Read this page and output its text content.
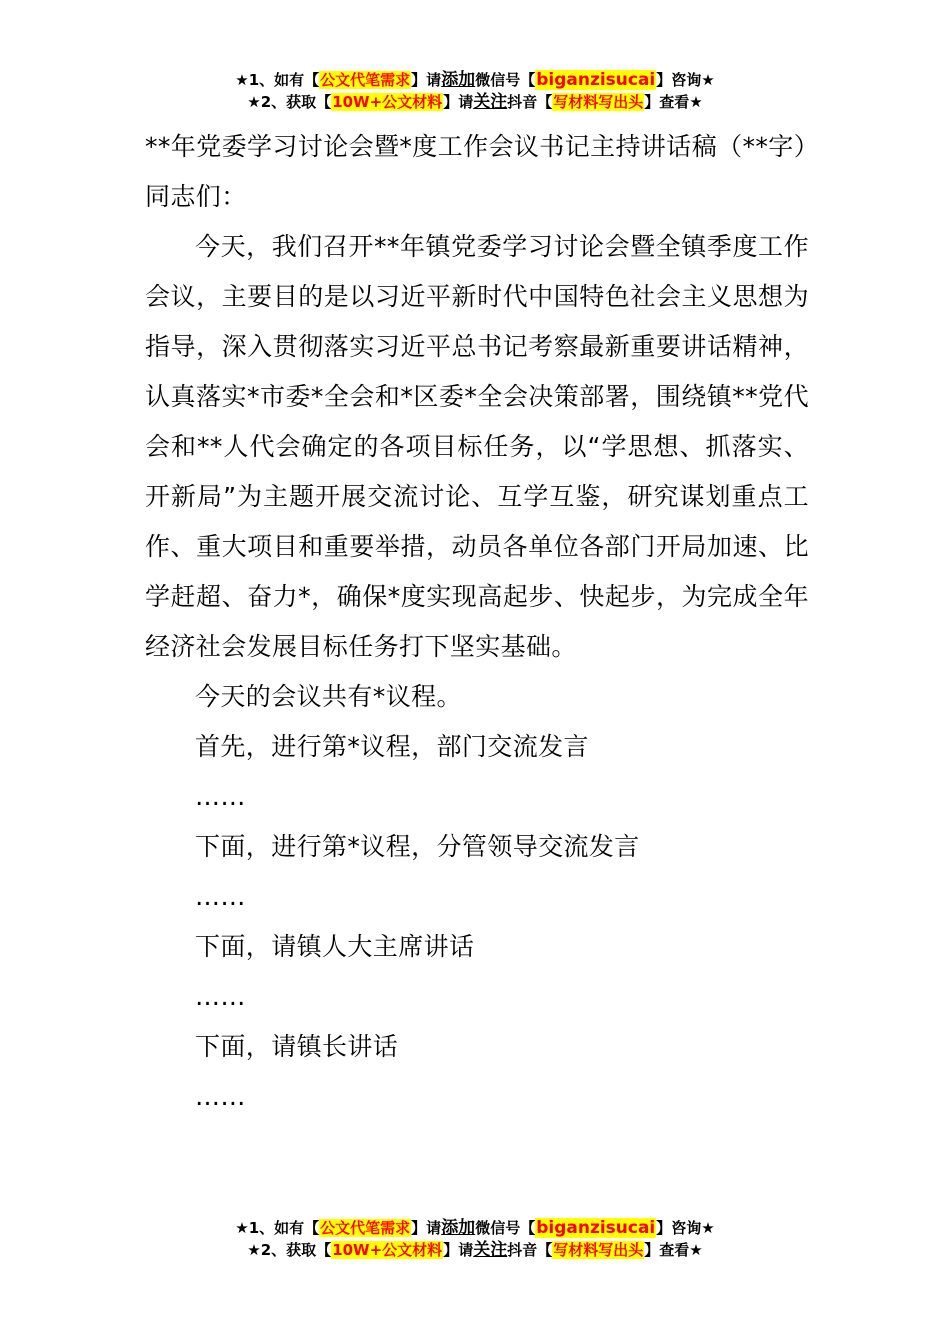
★1、如有【公文代笔需求】请添加微信号【biganzisucai】咨询★
★2、获取【10W+公文材料】请关注抖音【写材料写出头】查看★

**年党委学习讨论会暨*度工作会议书记主持讲话稿（**字）

同志们：

今天，我们召开**年镇党委学习讨论会暨全镇季度工作会议，主要目的是以习近平新时代中国特色社会主义思想为指导，深入贯彻落实习近平总书记考察最新重要讲话精神，认真落实*市委*全会和*区委*全会决策部署，围绕镇**党代会和**人代会确定的各项目标任务，以“学思想、抓落实、开新局”为主题开展交流讨论、互学互鉴，研究谋划重点工作、重大项目和重要举措，动员各单位各部门开局加速、比学赶超、奋力*，确保*度实现高起步、快起步，为完成全年经济社会发展目标任务打下坚实基础。

今天的会议共有*议程。

首先，进行第*议程，部门交流发言

……

下面，进行第*议程，分管领导交流发言

……

下面，请镇人大主席讲话

……

下面，请镇长讲话

……

★1、如有【公文代笔需求】请添加微信号【biganzisucai】咨询★
★2、获取【10W+公文材料】请关注抖音【写材料写出头】查看★
